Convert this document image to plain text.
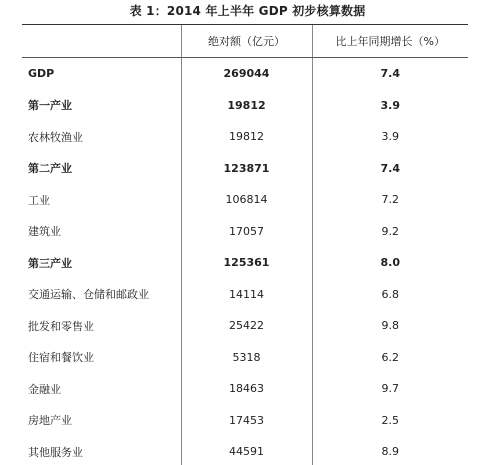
表 1：2014 年上半年 GDP 初步核算数据
	绝对额（亿元）	比上年同期增长（%）
GDP	269044	7.4
第一产业	19812	3.9
农林牧渔业	19812	3.9
第二产业	123871	7.4
工业	106814	7.2
建筑业	17057	9.2
第三产业	125361	8.0
交通运输、仓储和邮政业	14114	6.8
批发和零售业	25422	9.8
住宿和餐饮业	5318	6.2
金融业	18463	9.7
房地产业	17453	2.5
其他服务业	44591	8.9
